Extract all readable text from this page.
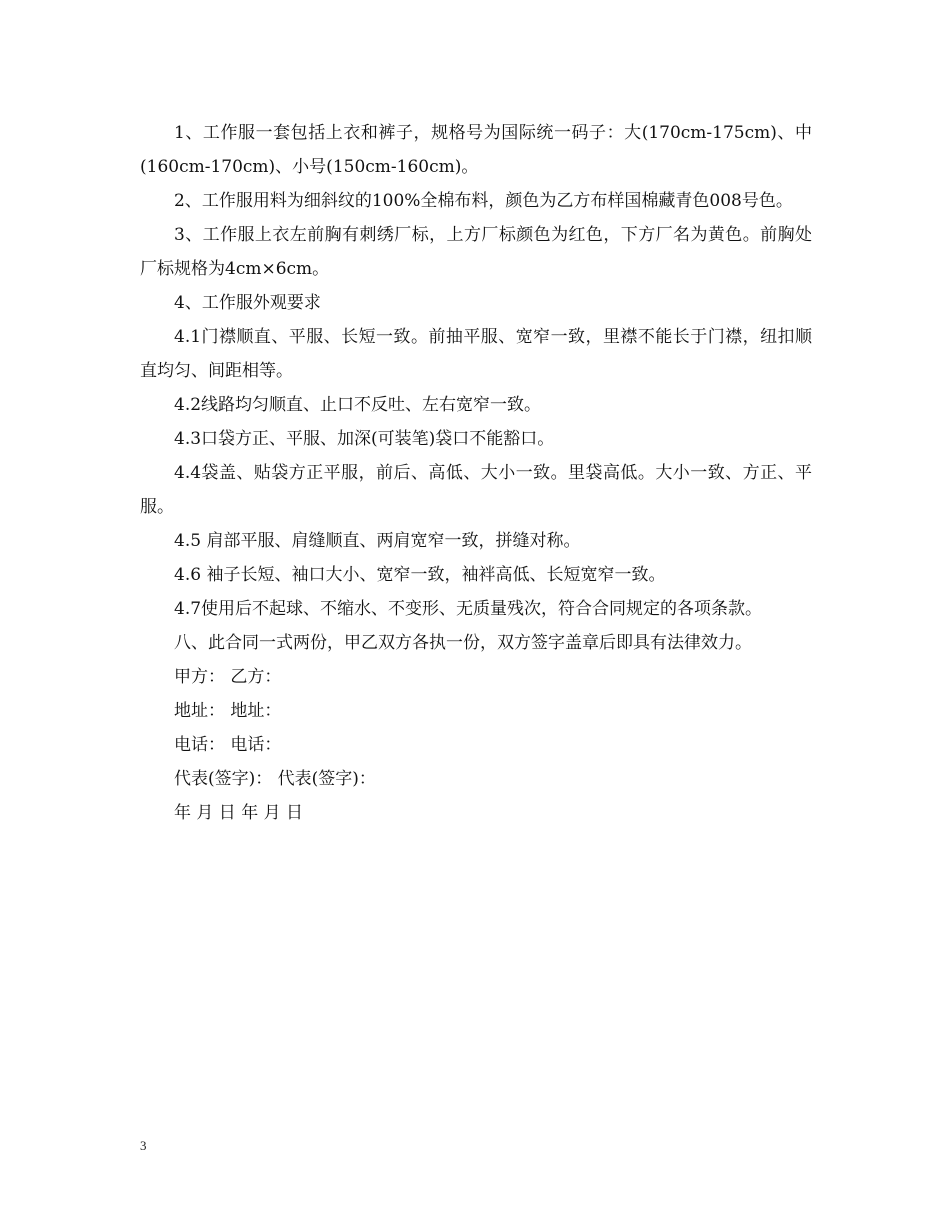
1、工作服一套包括上衣和裤子，规格号为国际统一码子：大(170cm-175cm)、中(160cm-170cm)、小号(150cm-160cm)。

2、工作服用料为细斜纹的100%全棉布料，颜色为乙方布样国棉藏青色008号色。

3、工作服上衣左前胸有刺绣厂标，上方厂标颜色为红色，下方厂名为黄色。前胸处厂标规格为4cm×6cm。

4、工作服外观要求

4.1门襟顺直、平服、长短一致。前抽平服、宽窄一致，里襟不能长于门襟，纽扣顺直均匀、间距相等。

4.2线路均匀顺直、止口不反吐、左右宽窄一致。

4.3口袋方正、平服、加深(可装笔)袋口不能豁口。

4.4袋盖、贴袋方正平服，前后、高低、大小一致。里袋高低。大小一致、方正、平服。

4.5 肩部平服、肩缝顺直、两肩宽窄一致，拼缝对称。

4.6 袖子长短、袖口大小、宽窄一致，袖袢高低、长短宽窄一致。

4.7使用后不起球、不缩水、不变形、无质量残次，符合合同规定的各项条款。

八、此合同一式两份，甲乙双方各执一份，双方签字盖章后即具有法律效力。

甲方： 乙方：

地址： 地址：

电话： 电话：

代表(签字)： 代表(签字)：

年 月 日 年 月 日

3
